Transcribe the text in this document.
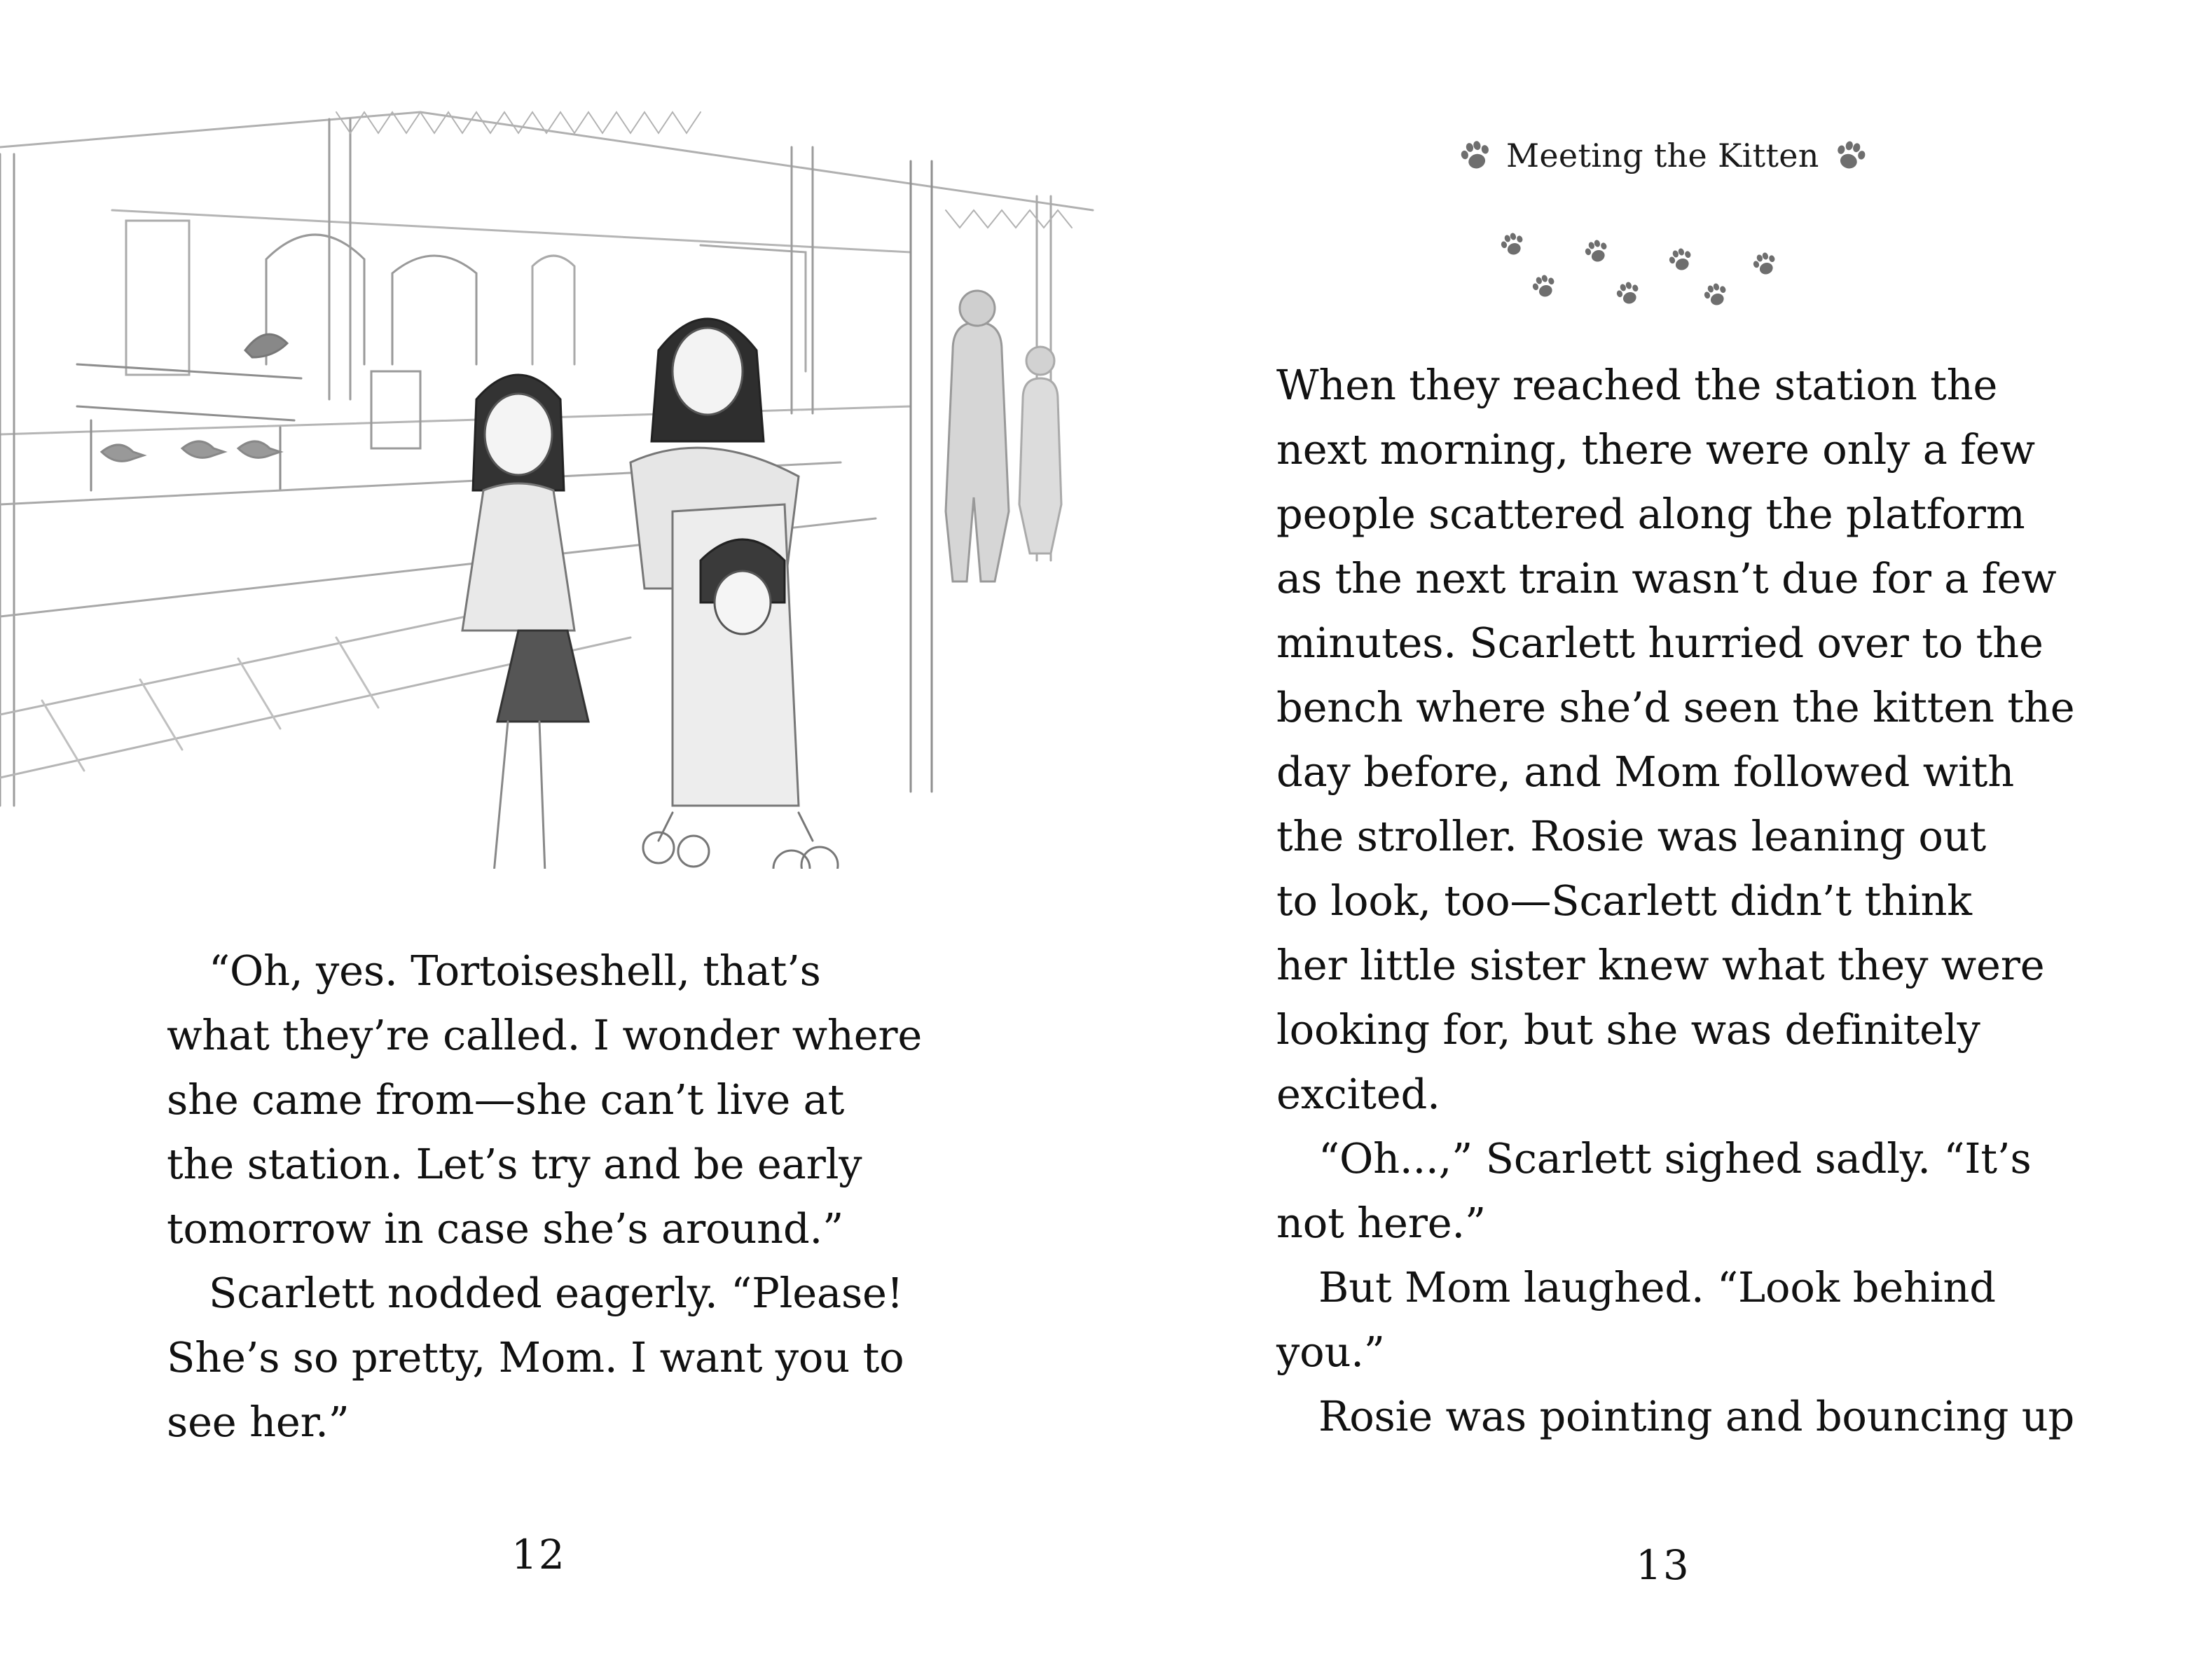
“Oh, yes. Tortoiseshell, that’s

what they’re called. I wonder where

she came from—she can’t live at

the station. Let’s try and be early

tomorrow in case she’s around.”

Scarlett nodded eagerly. “Please!

She’s so pretty, Mom. I want you to

see her.”

12
Meeting the Kitten

When they reached the station the

next morning, there were only a few

people scattered along the platform

as the next train wasn’t due for a few

minutes. Scarlett hurried over to the

bench where she’d seen the kitten the

day before, and Mom followed with

the stroller. Rosie was leaning out

to look, too—Scarlett didn’t think

her little sister knew what they were

looking for, but she was definitely

excited.

“Oh...,” Scarlett sighed sadly. “It’s

not here.”

But Mom laughed. “Look behind

you.”

Rosie was pointing and bouncing up

13
